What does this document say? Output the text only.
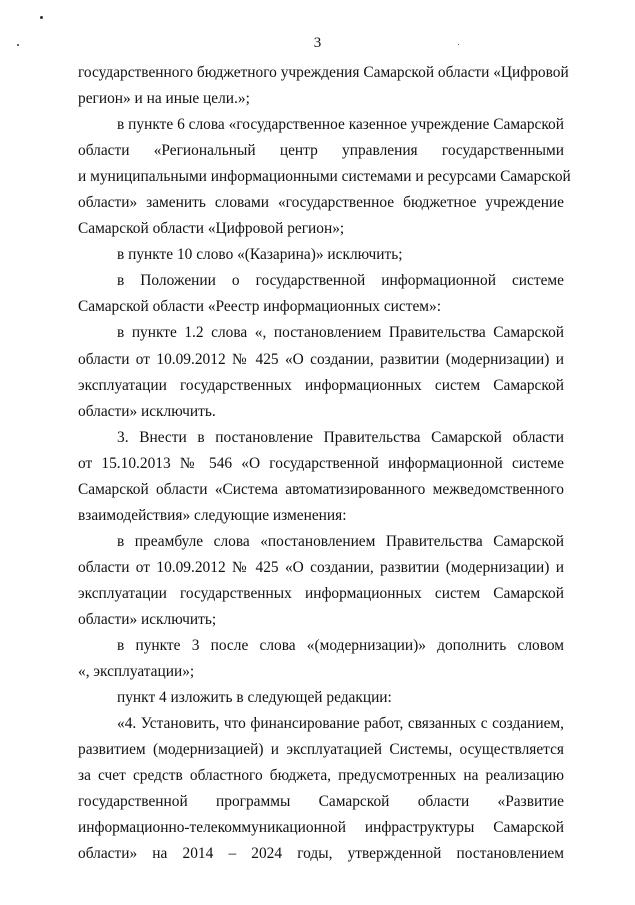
3
государственного бюджетного учреждения Самарской области «Цифровой
регион» и на иные цели.»;
в пункте 6 слова «государственное казенное учреждение Самарской
области «Региональный центр управления государственными
и муниципальными информационными системами и ресурсами Самарской
области» заменить словами «государственное бюджетное учреждение
Самарской области «Цифровой регион»;
в пункте 10 слово «(Казарина)» исключить;
в Положении о государственной информационной системе
Самарской области «Реестр информационных систем»:
в пункте 1.2 слова «, постановлением Правительства Самарской
области от 10.09.2012 № 425 «О создании, развитии (модернизации) и
эксплуатации государственных информационных систем Самарской
области» исключить.
3. Внести в постановление Правительства Самарской области
от 15.10.2013 № 546 «О государственной информационной системе
Самарской области «Система автоматизированного межведомственного
взаимодействия» следующие изменения:
в преамбуле слова «постановлением Правительства Самарской
области от 10.09.2012 № 425 «О создании, развитии (модернизации) и
эксплуатации государственных информационных систем Самарской
области» исключить;
в пункте 3 после слова «(модернизации)» дополнить словом
«, эксплуатации»;
пункт 4 изложить в следующей редакции:
«4. Установить, что финансирование работ, связанных с созданием,
развитием (модернизацией) и эксплуатацией Системы, осуществляется
за счет средств областного бюджета, предусмотренных на реализацию
государственной программы Самарской области «Развитие
информационно-телекоммуникационной инфраструктуры Самарской
области» на 2014 – 2024 годы, утвержденной постановлением
